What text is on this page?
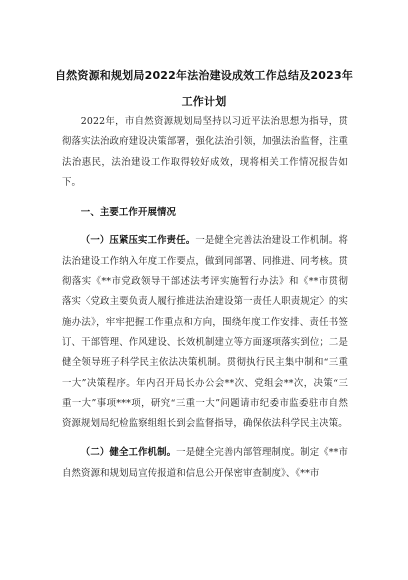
自然资源和规划局2022年法治建设成效工作总结及2023年
工作计划

2022年，市自然资源规划局坚持以习近平法治思想为指导，贯彻落实法治政府建设决策部署，强化法治引领，加强法治监督，注重法治惠民，法治建设工作取得较好成效，现将相关工作情况报告如下。

一、主要工作开展情况

（一）压紧压实工作责任。一是健全完善法治建设工作机制。将法治建设工作纳入年度工作要点，做到同部署、同推进、同考核。贯彻落实《**市党政领导干部述法考评实施暂行办法》和《**市贯彻落实〈党政主要负责人履行推进法治建设第一责任人职责规定〉的实施办法》，牢牢把握工作重点和方向，围绕年度工作安排、责任书签订、干部管理、作风建设、长效机制建立等方面逐项落实到位；二是健全领导班子科学民主依法决策机制。贯彻执行民主集中制和“三重一大”决策程序。年内召开局长办公会**次、党组会**次，决策“三重一大”事项***项，研究“三重一大”问题请市纪委市监委驻市自然资源规划局纪检监察组组长到会监督指导，确保依法科学民主决策。

（二）健全工作机制。一是健全完善内部管理制度。制定《**市自然资源和规划局宣传报道和信息公开保密审查制度》、《**市
